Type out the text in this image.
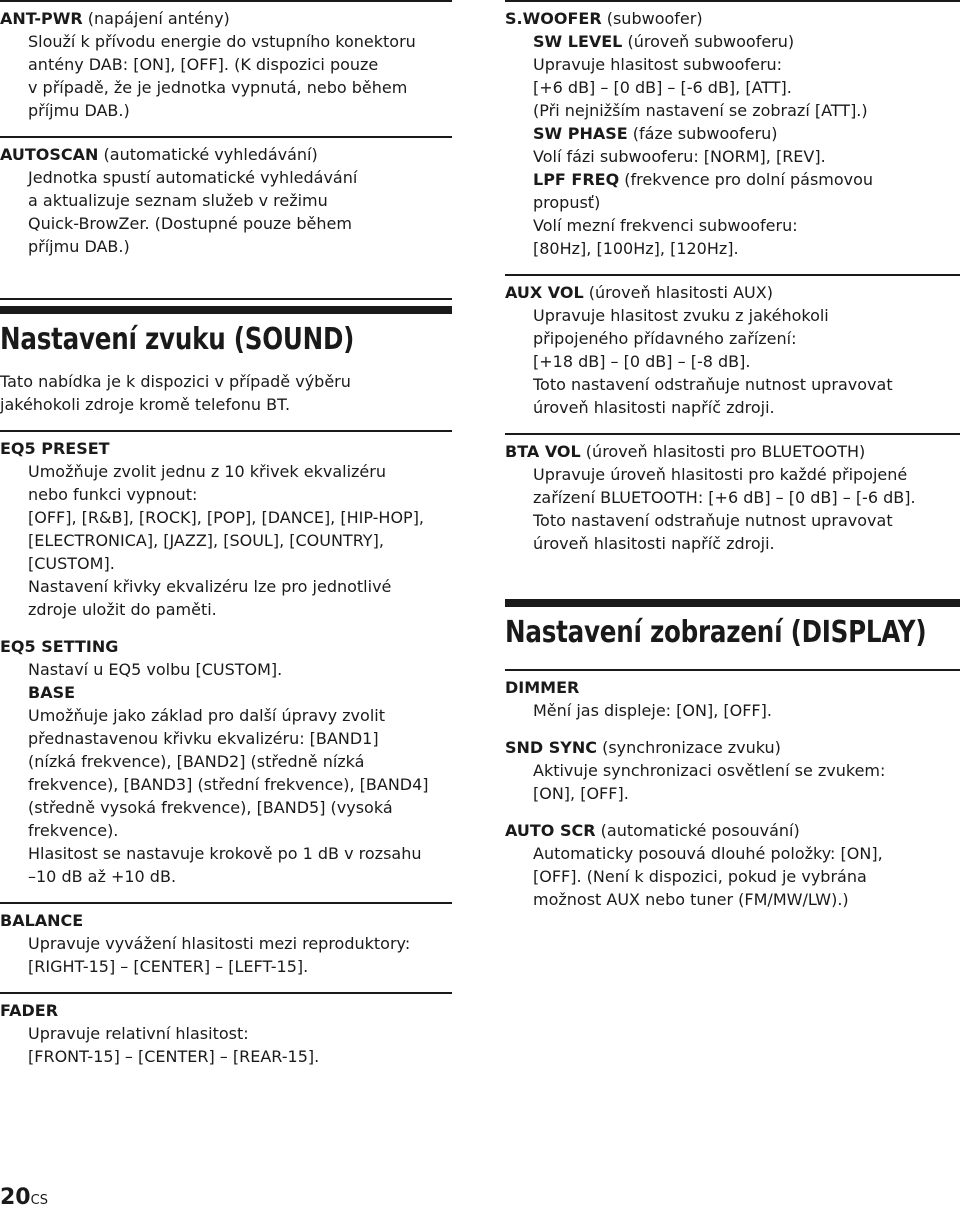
ANT-PWR (napájení antény)
Slouží k přívodu energie do vstupního konektoru
antény DAB: [ON], [OFF]. (K dispozici pouze
v případě, že je jednotka vypnutá, nebo během
příjmu DAB.)
AUTOSCAN (automatické vyhledávání)
Jednotka spustí automatické vyhledávání
a aktualizuje seznam služeb v režimu
Quick-BrowZer. (Dostupné pouze během
příjmu DAB.)
Nastavení zvuku (SOUND)
Tato nabídka je k dispozici v případě výběru
jakéhokoli zdroje kromě telefonu BT.
EQ5 PRESET
Umožňuje zvolit jednu z 10 křivek ekvalizéru
nebo funkci vypnout:
[OFF], [R&B], [ROCK], [POP], [DANCE], [HIP-HOP],
[ELECTRONICA], [JAZZ], [SOUL], [COUNTRY],
[CUSTOM].
Nastavení křivky ekvalizéru lze pro jednotlivé
zdroje uložit do paměti.
EQ5 SETTING
Nastaví u EQ5 volbu [CUSTOM].
BASE
Umožňuje jako základ pro další úpravy zvolit
přednastavenou křivku ekvalizéru: [BAND1]
(nízká frekvence), [BAND2] (středně nízká
frekvence), [BAND3] (střední frekvence), [BAND4]
(středně vysoká frekvence), [BAND5] (vysoká
frekvence).
Hlasitost se nastavuje krokově po 1 dB v rozsahu
–10 dB až +10 dB.
BALANCE
Upravuje vyvážení hlasitosti mezi reproduktory:
[RIGHT-15] – [CENTER] – [LEFT-15].
FADER
Upravuje relativní hlasitost:
[FRONT-15] – [CENTER] – [REAR-15].
S.WOOFER (subwoofer)
SW LEVEL (úroveň subwooferu)
Upravuje hlasitost subwooferu:
[+6 dB] – [0 dB] – [-6 dB], [ATT].
(Při nejnižším nastavení se zobrazí [ATT].)
SW PHASE (fáze subwooferu)
Volí fázi subwooferu: [NORM], [REV].
LPF FREQ (frekvence pro dolní pásmovou
propusť)
Volí mezní frekvenci subwooferu:
[80Hz], [100Hz], [120Hz].
AUX VOL (úroveň hlasitosti AUX)
Upravuje hlasitost zvuku z jakéhokoli
připojeného přídavného zařízení:
[+18 dB] – [0 dB] – [-8 dB].
Toto nastavení odstraňuje nutnost upravovat
úroveň hlasitosti napříč zdroji.
BTA VOL (úroveň hlasitosti pro BLUETOOTH)
Upravuje úroveň hlasitosti pro každé připojené
zařízení BLUETOOTH: [+6 dB] – [0 dB] – [-6 dB].
Toto nastavení odstraňuje nutnost upravovat
úroveň hlasitosti napříč zdroji.
Nastavení zobrazení (DISPLAY)
DIMMER
Mění jas displeje: [ON], [OFF].
SND SYNC (synchronizace zvuku)
Aktivuje synchronizaci osvětlení se zvukem:
[ON], [OFF].
AUTO SCR (automatické posouvání)
Automaticky posouvá dlouhé položky: [ON],
[OFF]. (Není k dispozici, pokud je vybrána
možnost AUX nebo tuner (FM/MW/LW).)
20CS
